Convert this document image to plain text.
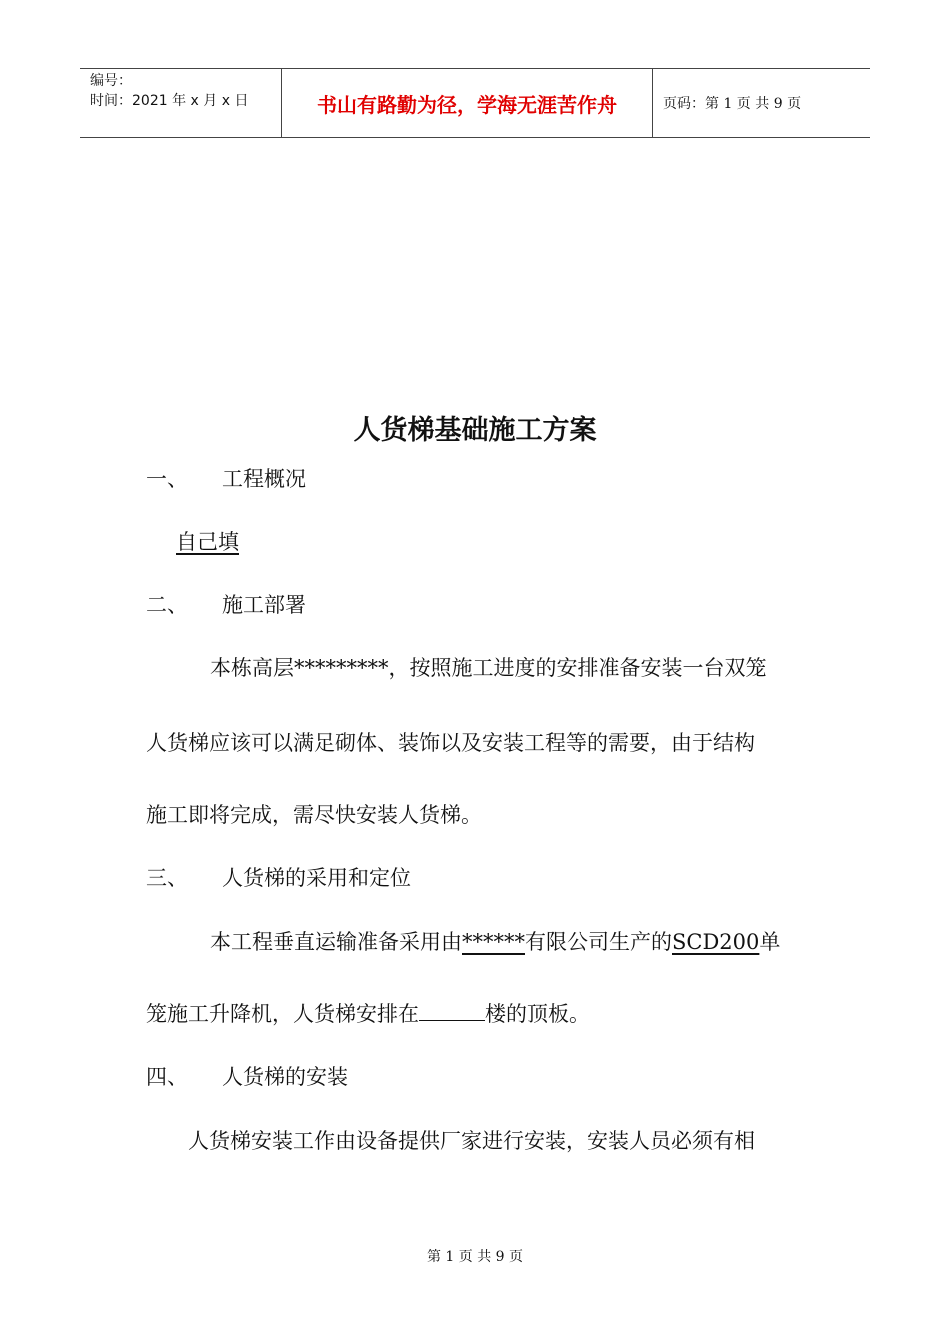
编号：
时间：2021 年 x 月 x 日	书山有路勤为径，学海无涯苦作舟	页码：第 1 页 共 9 页
人货梯基础施工方案
一、 工程概况
自己填
二、 施工部署
本栋高层*********，按照施工进度的安排准备安装一台双笼
人货梯应该可以满足砌体、装饰以及安装工程等的需要，由于结构
施工即将完成，需尽快安装人货梯。
三、 人货梯的采用和定位
本工程垂直运输准备采用由******有限公司生产的SCD200单
笼施工升降机，人货梯安排在	楼的顶板。
四、 人货梯的安装
人货梯安装工作由设备提供厂家进行安装，安装人员必须有相
第 1 页 共 9 页
